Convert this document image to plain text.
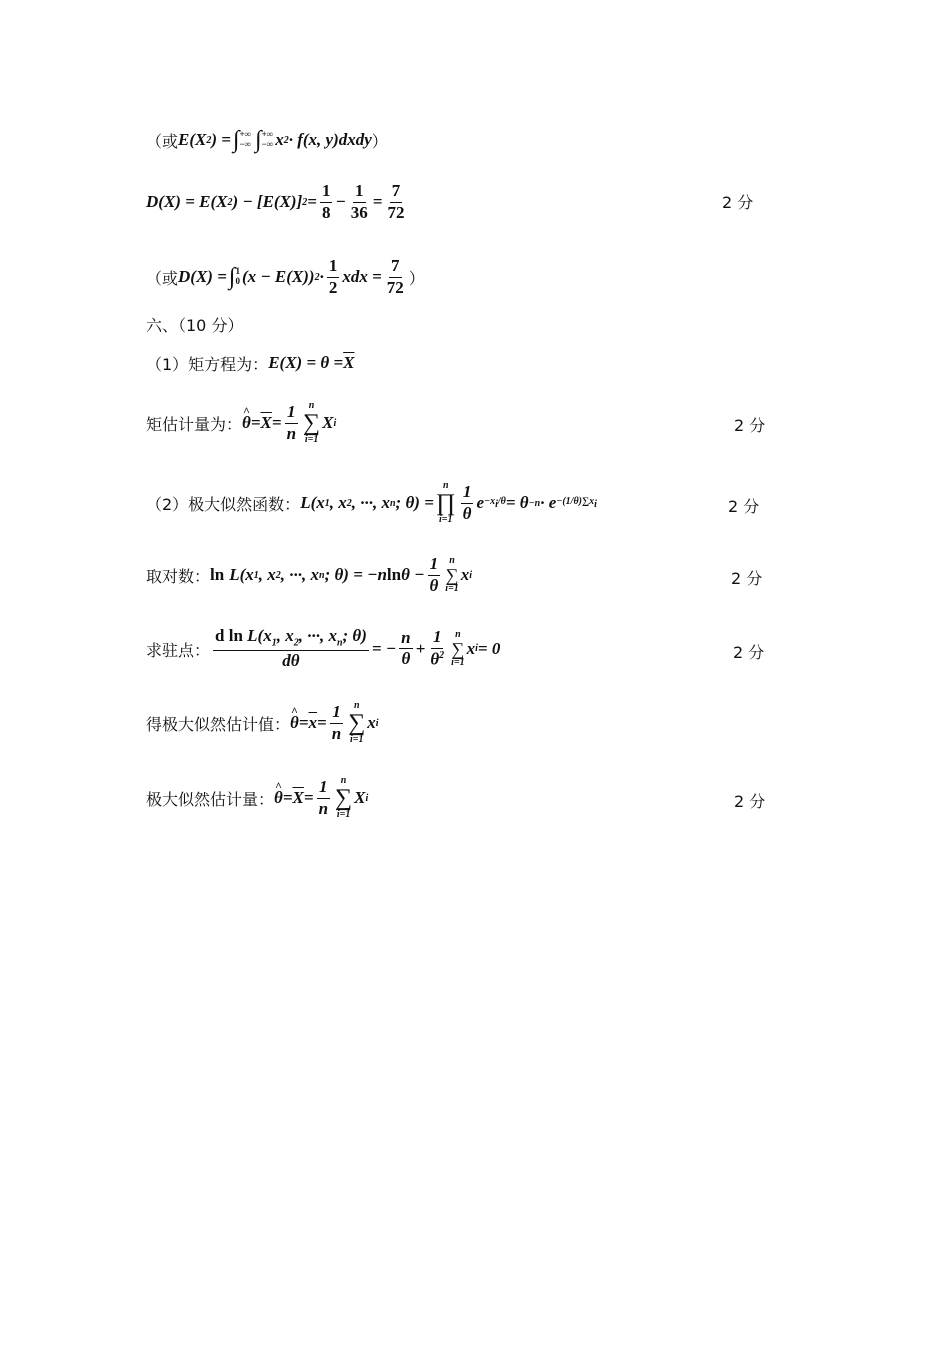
（或 E(X 2 ) = ∫ +∞
−∞ ∫ +∞
−∞ x 2 · f(x, y)dxdy ）
D(X) = E(X 2 ) − [E(X)] $2 = \frac{1}{8} - \frac{1}{36} = \frac{7}{72}$	2 分
（或 D(X) = ∫ 1
0 (x − E(X)) $2 \cdot \frac{1}{2}$ xdx = $\frac{7}{72}$ ）
六、（10 分）
（1）矩方程为： $E(X) = \theta = \overline{X}$
矩估计量为： ^ $\theta = \overline{X} = \frac{1}{n}$ n
∑
i=1
X i	2 分
（2）极大似然函数： L(x 1 , x 2 , ···, x n ; θ) =
n
∏
$i=1 \frac{1}{\theta}$ $e -x_i/\theta = \theta -n \cdot e -(1/\theta)\sum x_i$	2 分
取对数： ln L(x 1 , x 2 , ···, x n ; θ) = −n $\ln \theta - \frac{1}{\theta}$ n
∑
i=1
x i	2 分
求驻点： $\frac{d \ln L(x_1, x_2, \cdot\cdot\cdot, x_n; \theta)}{d\theta}$ = − $\frac{n}{\theta} + \frac{1}{\theta^2}$ n
∑
i=1
x i = 0	2 分
得极大似然估计值： ^ $\theta = \overline{x} = \frac{1}{n}$ n
∑
i=1
x i
极大似然估计量： ^ $\theta = \overline{X} = \frac{1}{n}$ n
∑
i=1
X i	2 分
